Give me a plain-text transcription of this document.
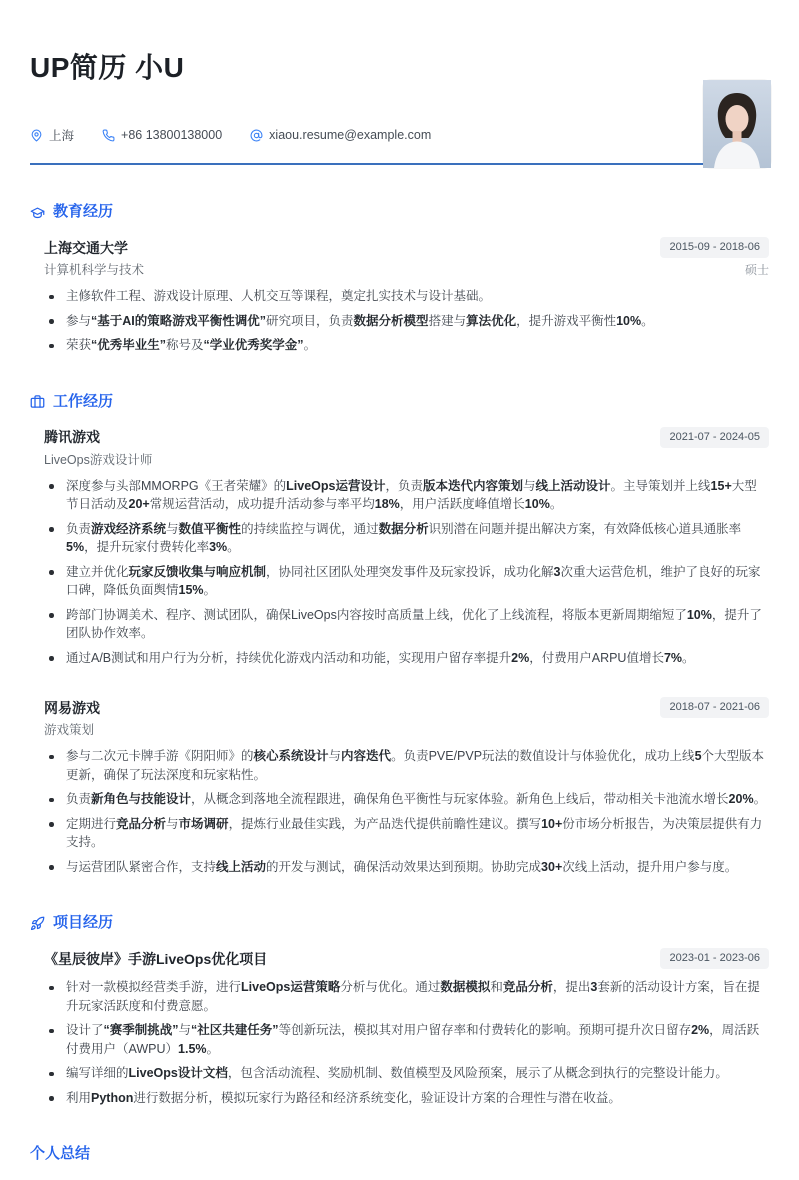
UP简历 小U
上海	+86 13800138000	xiaou.resume@example.com
教育经历
上海交通大学	2015-09 - 2018-06
计算机科学与技术	硕士
主修软件工程、游戏设计原理、人机交互等课程，奠定扎实技术与设计基础。
参与“基于AI的策略游戏平衡性调优”研究项目，负责数据分析模型搭建与算法优化，提升游戏平衡性10%。
荣获“优秀毕业生”称号及“学业优秀奖学金”。
工作经历
腾讯游戏	2021-07 - 2024-05
LiveOps游戏设计师
深度参与头部MMORPG《王者荣耀》的LiveOps运营设计，负责版本迭代内容策划与线上活动设计。主导策划并上线15+大型节日活动及20+常规运营活动，成功提升活动参与率平均18%，用户活跃度峰值增长10%。
负责游戏经济系统与数值平衡性的持续监控与调优，通过数据分析识别潜在问题并提出解决方案，有效降低核心道具通胀率5%，提升玩家付费转化率3%。
建立并优化玩家反馈收集与响应机制，协同社区团队处理突发事件及玩家投诉，成功化解3次重大运营危机，维护了良好的玩家口碑，降低负面舆情15%。
跨部门协调美术、程序、测试团队，确保LiveOps内容按时高质量上线，优化了上线流程，将版本更新周期缩短了10%，提升了团队协作效率。
通过A/B测试和用户行为分析，持续优化游戏内活动和功能，实现用户留存率提升2%，付费用户ARPU值增长7%。
网易游戏	2018-07 - 2021-06
游戏策划
参与二次元卡牌手游《阴阳师》的核心系统设计与内容迭代。负责PVE/PVP玩法的数值设计与体验优化，成功上线5个大型版本更新，确保了玩法深度和玩家粘性。
负责新角色与技能设计，从概念到落地全流程跟进，确保角色平衡性与玩家体验。新角色上线后，带动相关卡池流水增长20%。
定期进行竞品分析与市场调研，提炼行业最佳实践，为产品迭代提供前瞻性建议。撰写10+份市场分析报告，为决策层提供有力支持。
与运营团队紧密合作，支持线上活动的开发与测试，确保活动效果达到预期。协助完成30+次线上活动，提升用户参与度。
项目经历
《星辰彼岸》手游LiveOps优化项目	2023-01 - 2023-06
针对一款模拟经营类手游，进行LiveOps运营策略分析与优化。通过数据模拟和竞品分析，提出3套新的活动设计方案，旨在提升玩家活跃度和付费意愿。
设计了“赛季制挑战”与“社区共建任务”等创新玩法，模拟其对用户留存率和付费转化的影响。预期可提升次日留存2%，周活跃付费用户（AWPU）1.5%。
编写详细的LiveOps设计文档，包含活动流程、奖励机制、数值模型及风险预案，展示了从概念到执行的完整设计能力。
利用Python进行数据分析，模拟玩家行为路径和经济系统变化，验证设计方案的合理性与潜在收益。
个人总结
